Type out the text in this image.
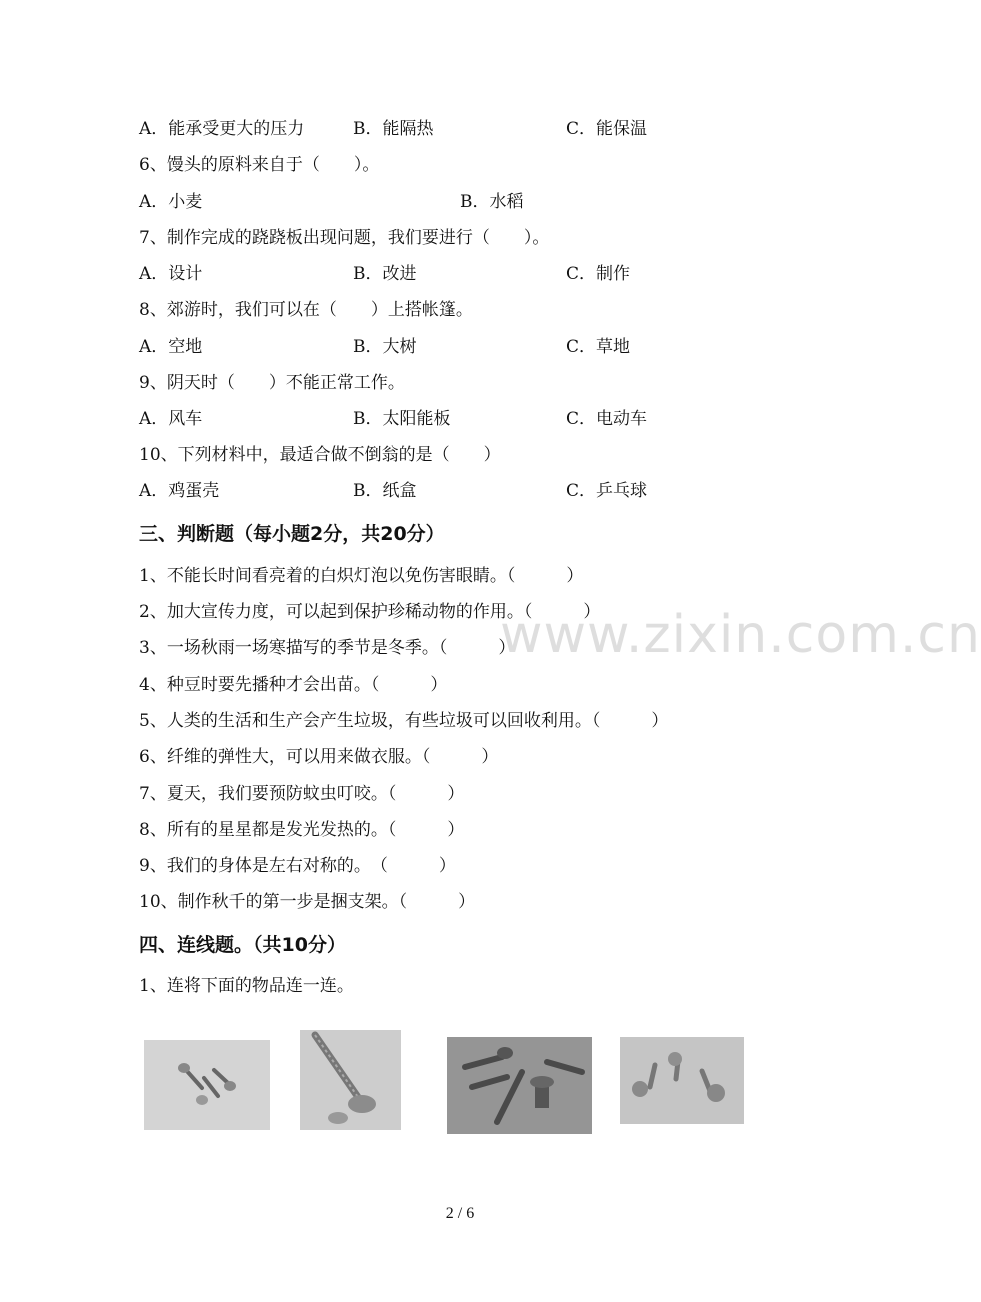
www.zixin.com.cn
A．能承受更大的压力	B．能隔热	C．能保温
6、馒头的原料来自于（　　）。
A．小麦	B．水稻
7、制作完成的跷跷板出现问题，我们要进行（　　）。
A．设计	B．改进	C．制作
8、郊游时，我们可以在（　　）上搭帐篷。
A．空地	B．大树	C．草地
9、阴天时（　　）不能正常工作。
A．风车	B．太阳能板	C．电动车
10、下列材料中，最适合做不倒翁的是（　　）
A．鸡蛋壳	B．纸盒	C．乒乓球
三、判断题（每小题2分，共20分）
1、不能长时间看亮着的白炽灯泡以免伤害眼睛。（　　　）
2、加大宣传力度，可以起到保护珍稀动物的作用。（　　　）
3、一场秋雨一场寒描写的季节是冬季。（　　　）
4、种豆时要先播种才会出苗。（　　　）
5、人类的生活和生产会产生垃圾，有些垃圾可以回收利用。（　　　）
6、纤维的弹性大，可以用来做衣服。（　　　）
7、夏天，我们要预防蚊虫叮咬。（　　　）
8、所有的星星都是发光发热的。（　　　）
9、我们的身体是左右对称的。　（　　　）
10、制作秋千的第一步是捆支架。（　　　）
四、连线题。（共10分）
1、连将下面的物品连一连。
2 / 6
